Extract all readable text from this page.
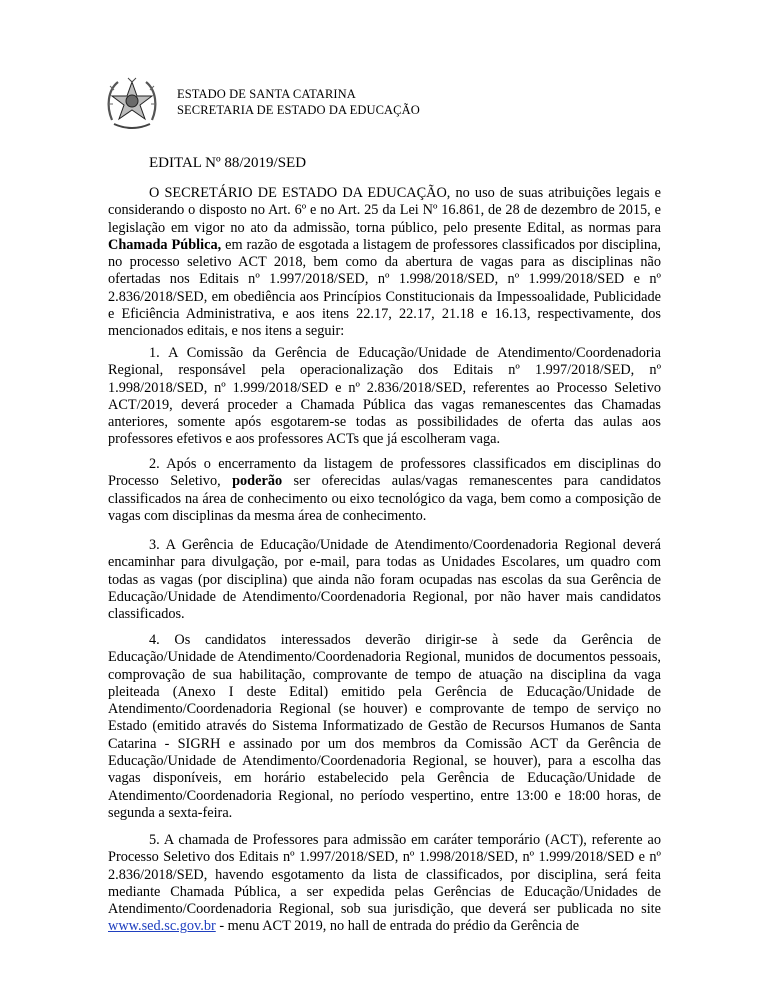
ESTADO DE SANTA CATARINA
SECRETARIA DE ESTADO DA EDUCAÇÃO
EDITAL Nº 88/2019/SED

O SECRETÁRIO DE ESTADO DA EDUCAÇÃO, no uso de suas atribuições legais e considerando o disposto no Art. 6º e no Art. 25 da Lei Nº 16.861, de 28 de dezembro de 2015, e legislação em vigor no ato da admissão, torna público, pelo presente Edital, as normas para Chamada Pública, em razão de esgotada a listagem de professores classificados por disciplina, no processo seletivo ACT 2018, bem como da abertura de vagas para as disciplinas não ofertadas nos Editais nº 1.997/2018/SED, nº 1.998/2018/SED, nº 1.999/2018/SED e nº 2.836/2018/SED, em obediência aos Princípios Constitucionais da Impessoalidade, Publicidade e Eficiência Administrativa, e aos itens 22.17, 22.17, 21.18 e 16.13, respectivamente, dos mencionados editais, e nos itens a seguir:

1. A Comissão da Gerência de Educação/Unidade de Atendimento/Coordenadoria Regional, responsável pela operacionalização dos Editais nº 1.997/2018/SED, nº 1.998/2018/SED, nº 1.999/2018/SED e nº 2.836/2018/SED, referentes ao Processo Seletivo ACT/2019, deverá proceder a Chamada Pública das vagas remanescentes das Chamadas anteriores, somente após esgotarem-se todas as possibilidades de oferta das aulas aos professores efetivos e aos professores ACTs que já escolheram vaga.

2. Após o encerramento da listagem de professores classificados em disciplinas do Processo Seletivo, poderão ser oferecidas aulas/vagas remanescentes para candidatos classificados na área de conhecimento ou eixo tecnológico da vaga, bem como a composição de vagas com disciplinas da mesma área de conhecimento.

3. A Gerência de Educação/Unidade de Atendimento/Coordenadoria Regional deverá encaminhar para divulgação, por e-mail, para todas as Unidades Escolares, um quadro com todas as vagas (por disciplina) que ainda não foram ocupadas nas escolas da sua Gerência de Educação/Unidade de Atendimento/Coordenadoria Regional, por não haver mais candidatos classificados.

4. Os candidatos interessados deverão dirigir-se à sede da Gerência de Educação/Unidade de Atendimento/Coordenadoria Regional, munidos de documentos pessoais, comprovação de sua habilitação, comprovante de tempo de atuação na disciplina da vaga pleiteada (Anexo I deste Edital) emitido pela Gerência de Educação/Unidade de Atendimento/Coordenadoria Regional (se houver) e comprovante de tempo de serviço no Estado (emitido através do Sistema Informatizado de Gestão de Recursos Humanos de Santa Catarina - SIGRH e assinado por um dos membros da Comissão ACT da Gerência de Educação/Unidade de Atendimento/Coordenadoria Regional, se houver), para a escolha das vagas disponíveis, em horário estabelecido pela Gerência de Educação/Unidade de Atendimento/Coordenadoria Regional, no período vespertino, entre 13:00 e 18:00 horas, de segunda a sexta-feira.

5. A chamada de Professores para admissão em caráter temporário (ACT), referente ao Processo Seletivo dos Editais nº 1.997/2018/SED, nº 1.998/2018/SED, nº 1.999/2018/SED e nº 2.836/2018/SED, havendo esgotamento da lista de classificados, por disciplina, será feita mediante Chamada Pública, a ser expedida pelas Gerências de Educação/Unidades de Atendimento/Coordenadoria Regional, sob sua jurisdição, que deverá ser publicada no site www.sed.sc.gov.br - menu ACT 2019, no hall de entrada do prédio da Gerência de
